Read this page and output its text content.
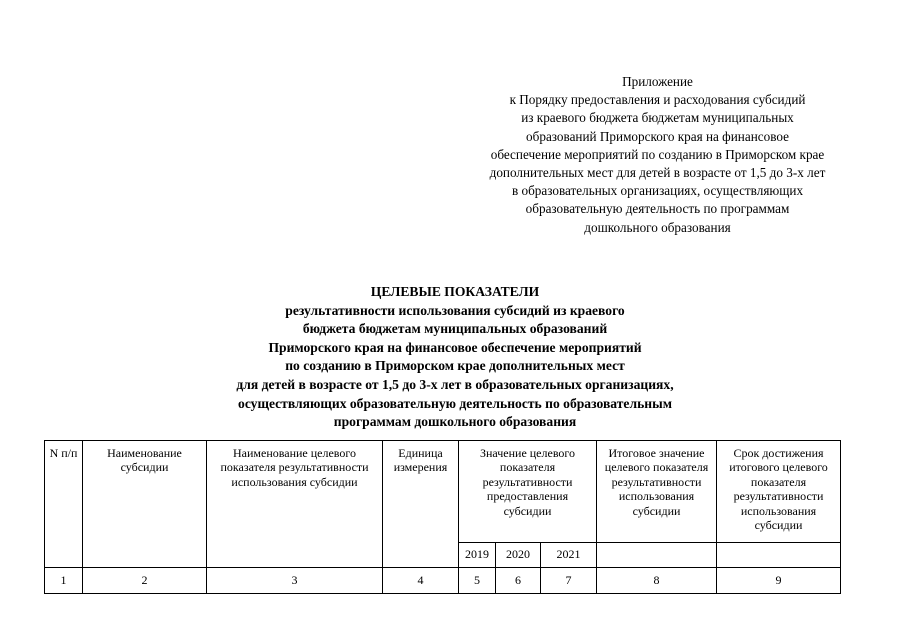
Приложение
к Порядку предоставления и расходования субсидий
из краевого бюджета бюджетам муниципальных
образований Приморского края на финансовое
обеспечение мероприятий по созданию в Приморском крае
дополнительных мест для детей в возрасте от 1,5 до 3-х лет
в образовательных организациях, осуществляющих
образовательную деятельность по программам
дошкольного образования
ЦЕЛЕВЫЕ ПОКАЗАТЕЛИ
результативности использования субсидий из краевого
бюджета бюджетам муниципальных образований
Приморского края на финансовое обеспечение мероприятий
по созданию в Приморском крае дополнительных мест
для детей в возрасте от 1,5 до 3-х лет в образовательных организациях,
осуществляющих образовательную деятельность по образовательным
программам дошкольного образования
N п/п	Наименование субсидии	Наименование целевого показателя результативности использования субсидии	Единица измерения	Значение целевого показателя результативности предоставления субсидии			Итоговое значение целевого показателя результативности использования субсидии	Срок достижения итогового целевого показателя результативности использования субсидии
				2019	2020	2021		
1	2	3	4	5	6	7	8	9
